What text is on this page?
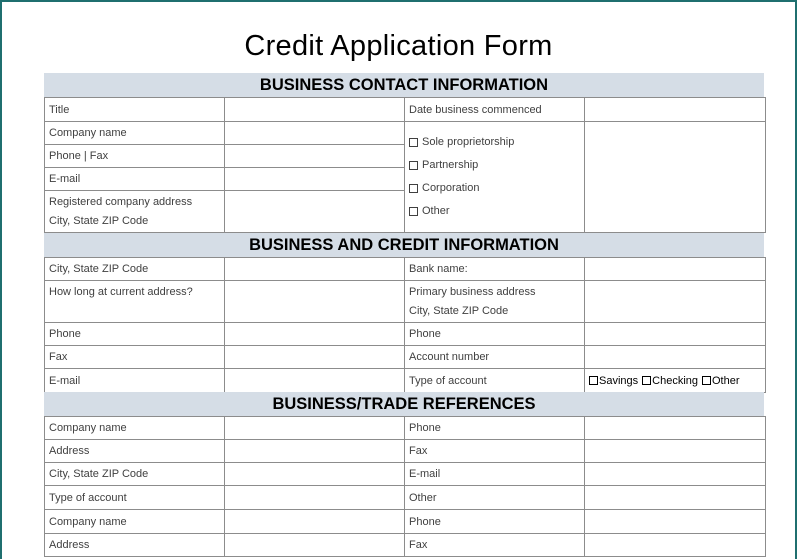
Credit Application Form
BUSINESS CONTACT INFORMATION
Title		Date business commenced	
Company name		Sole proprietorship
Partnership
Corporation
Other	

Phone | Fax			
E-mail			

Registered company address
City, State ZIP Code			

BUSINESS AND CREDIT INFORMATION
City, State ZIP Code		Bank name:	
How long at current address?		Primary business address
City, State ZIP Code	

Phone		Phone	
Fax		Account number	
E-mail		Type of account	Savings Checking Other
BUSINESS/TRADE REFERENCES
Company name		Phone	
Address		Fax	
City, State ZIP Code		E-mail	
Type of account		Other	
Company name		Phone	
Address		Fax	
